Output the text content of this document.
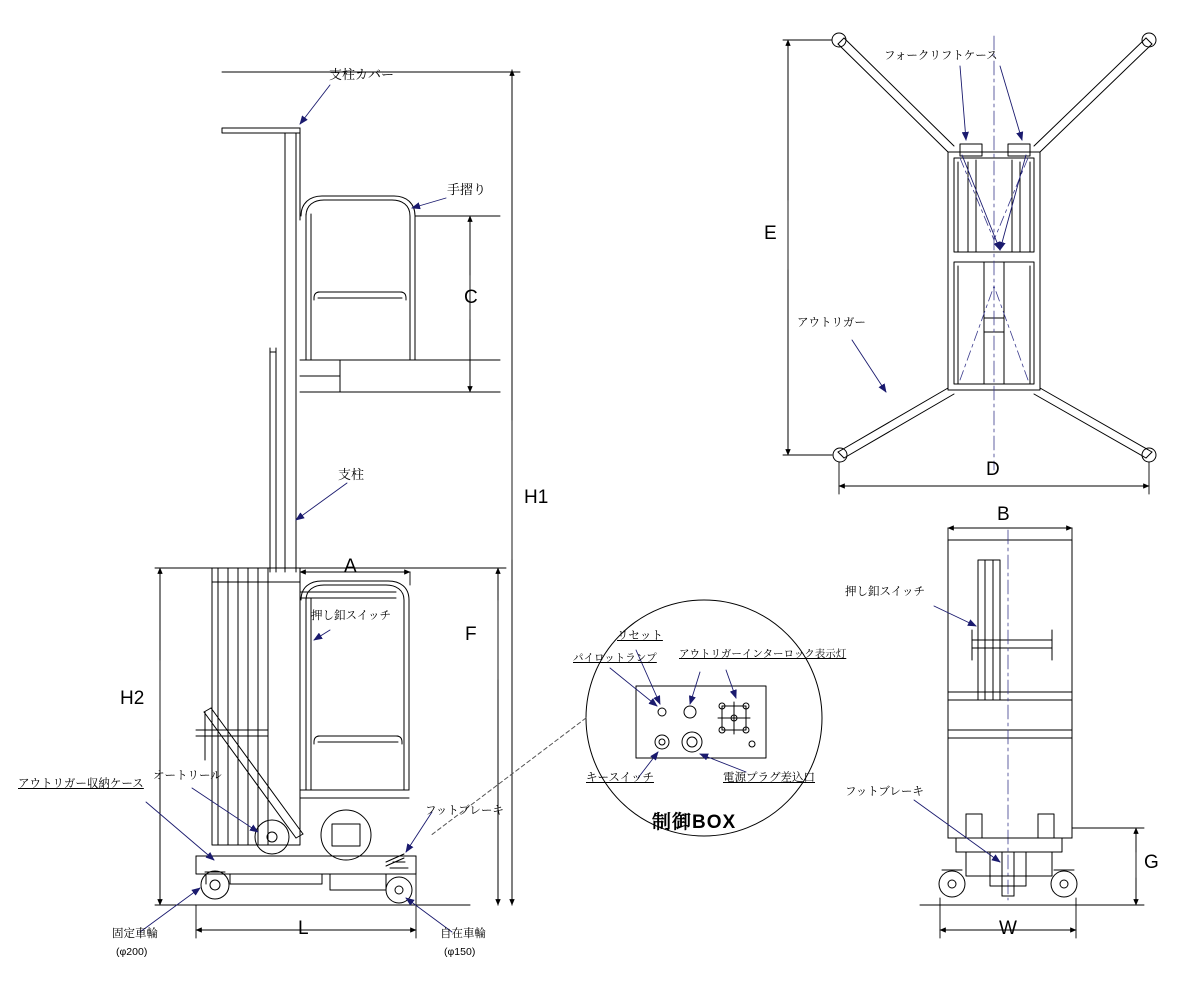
支柱カバー
手摺り
支柱
押し釦スイッチ
オートリール
アウトリガー収納ケース
フットブレーキ
固定車輪
(φ200)
自在車輪
(φ150)
H1
F
H2
C
A
L
フォークリフトケース
アウトリガー
E
D
押し釦スイッチ
フットブレーキ
B
W
G
リセット
パイロットランプ アウトリガーインターロック表示灯
キースイッチ	電源プラグ差込口
制御BOX
